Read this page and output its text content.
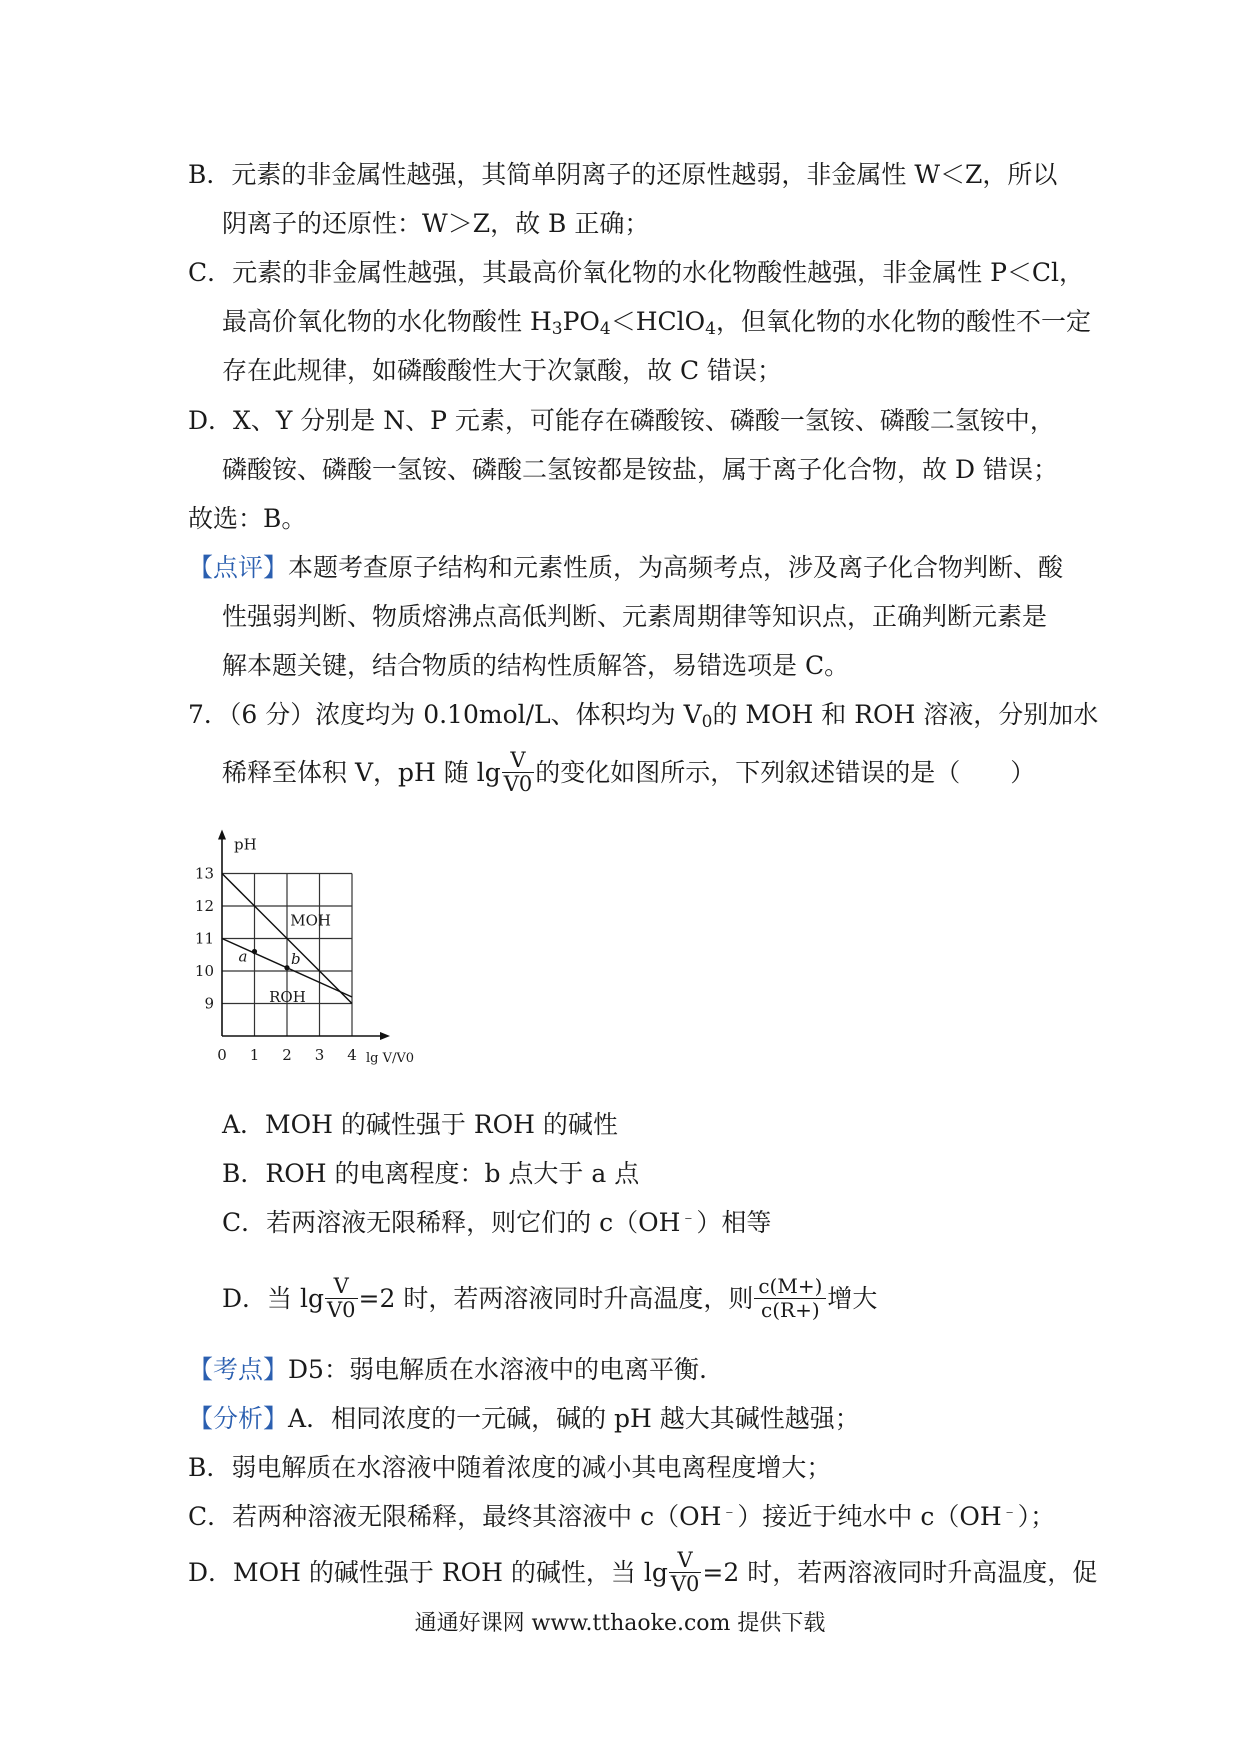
B．元素的非金属性越强，其简单阴离子的还原性越弱，非金属性 W＜Z，所以
阴离子的还原性：W＞Z，故 B 正确；
C．元素的非金属性越强，其最高价氧化物的水化物酸性越强，非金属性 P＜Cl，
最高价氧化物的水化物酸性 $H_3PO_4<HClO_4$，但氧化物的水化物的酸性不一定
存在此规律，如磷酸酸性大于次氯酸，故 C 错误；
D．X、Y 分别是 N、P 元素，可能存在磷酸铵、磷酸一氢铵、磷酸二氢铵中，
磷酸铵、磷酸一氢铵、磷酸二氢铵都是铵盐，属于离子化合物，故 D 错误；
故选：B。
【点评】本题考查原子结构和元素性质，为高频考点，涉及离子化合物判断、酸
性强弱判断、物质熔沸点高低判断、元素周期律等知识点，正确判断元素是
解本题关键，结合物质的结构性质解答，易错选项是 C。
7．（6 分）浓度均为 0.10mol/L、体积均为 $V_0$的 MOH 和 ROH 溶液，分别加水
稀释至体积 V，pH 随 $\lg \frac{V}{V0}$ 的变化如图所示，下列叙述错误的是（　　）
0 1 2 3 4
9
10
11
12
13
pH
lg V/V0
MOH
ROH
a	b
A．MOH 的碱性强于 ROH 的碱性
B．ROH 的电离程度：b 点大于 a 点
C．若两溶液无限稀释，则它们的 c（OH﹣）相等
D．当 $\lg \frac{V}{V0} =2$ 时，若两溶液同时升高温度，则 $\frac{c(M+)}{c(R+)}$ 增大
【考点】D5：弱电解质在水溶液中的电离平衡.
【分析】A．相同浓度的一元碱，碱的 pH 越大其碱性越强；
B．弱电解质在水溶液中随着浓度的减小其电离程度增大；
C．若两种溶液无限稀释，最终其溶液中 c（OH﹣）接近于纯水中 c（OH﹣）；
D．MOH 的碱性强于 ROH 的碱性，当 $\lg \frac{V}{V0} =2$ 时，若两溶液同时升高温度，促
通通好课网 www.tthaoke.com 提供下载
